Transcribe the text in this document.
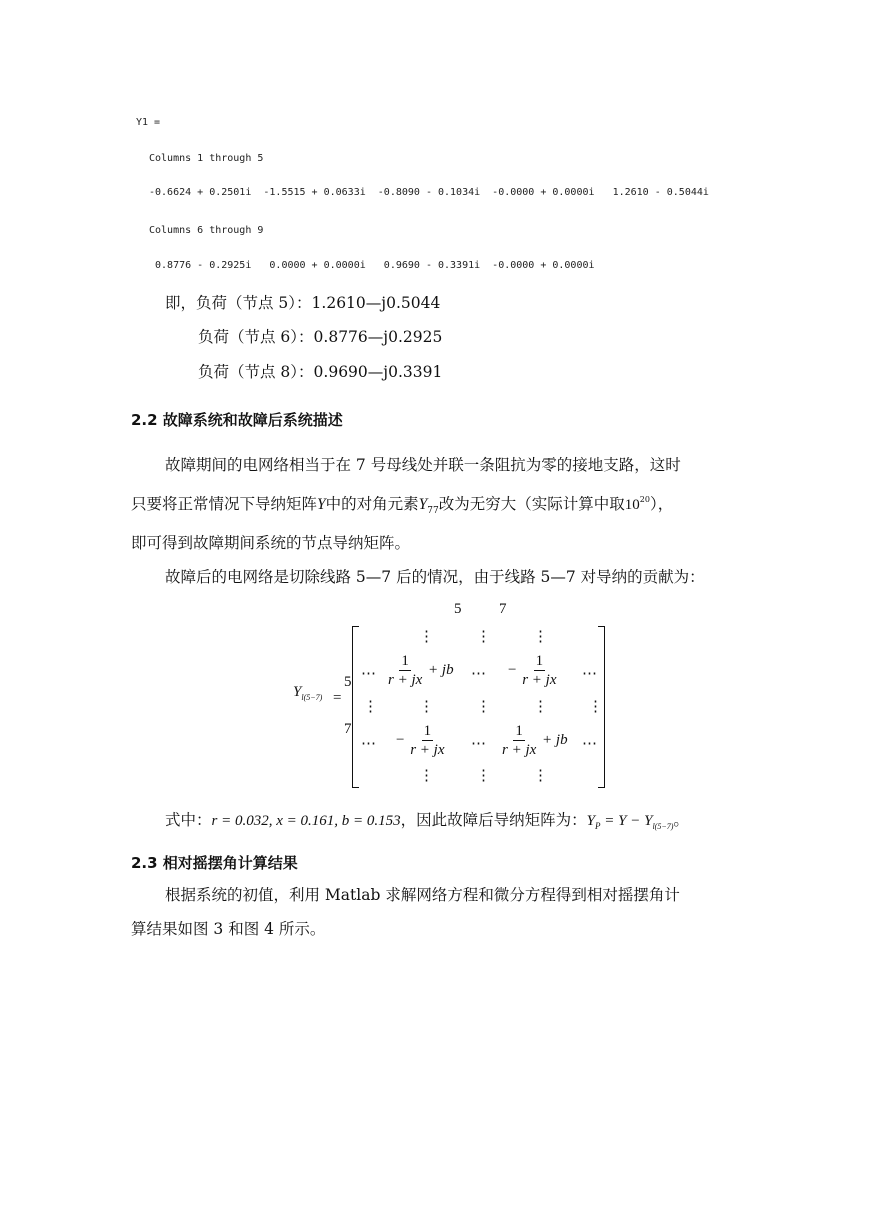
Y1 =
Columns 1 through 5
-0.6624 + 0.2501i  -1.5515 + 0.0633i  -0.8090 - 0.1034i  -0.0000 + 0.0000i   1.2610 - 0.5044i
Columns 6 through 9
0.8776 - 0.2925i   0.0000 + 0.0000i   0.9690 - 0.3391i  -0.0000 + 0.0000i
即，负荷（节点 5）：1.2610—j0.5044
负荷（节点 6）：0.8776—j0.2925
负荷（节点 8）：0.9690—j0.3391
2.2 故障系统和故障后系统描述
故障期间的电网络相当于在 7 号母线处并联一条阻抗为零的接地支路，这时
只要将正常情况下导纳矩阵Y中的对角元素$Y_{77}$改为无穷大（实际计算中取$10^{20}$），
即可得到故障期间系统的节点导纳矩阵。
故障后的电网络是切除线路 5—7 后的情况，由于线路 5—7 对导纳的贡献为：
5	7
$Y_{l(5-7)}$ =
5
7
⋮	⋮	⋮
⋯ $\frac{1}{r + jx}$ + jb ⋯ − $\frac{1}{r + jx}$ ⋯
⋮	⋮	⋮	⋮	⋮
⋯ − $\frac{1}{r + jx}$ ⋯ $\frac{1}{r + jx}$ + jb ⋯
⋮	⋮	⋮
式中：r = 0.032, x = 0.161, b = 0.153，因此故障后导纳矩阵为：$Y_P = Y - Y_{l(5-7)}$。
2.3 相对摇摆角计算结果
根据系统的初值，利用 Matlab 求解网络方程和微分方程得到相对摇摆角计
算结果如图 3 和图 4 所示。
